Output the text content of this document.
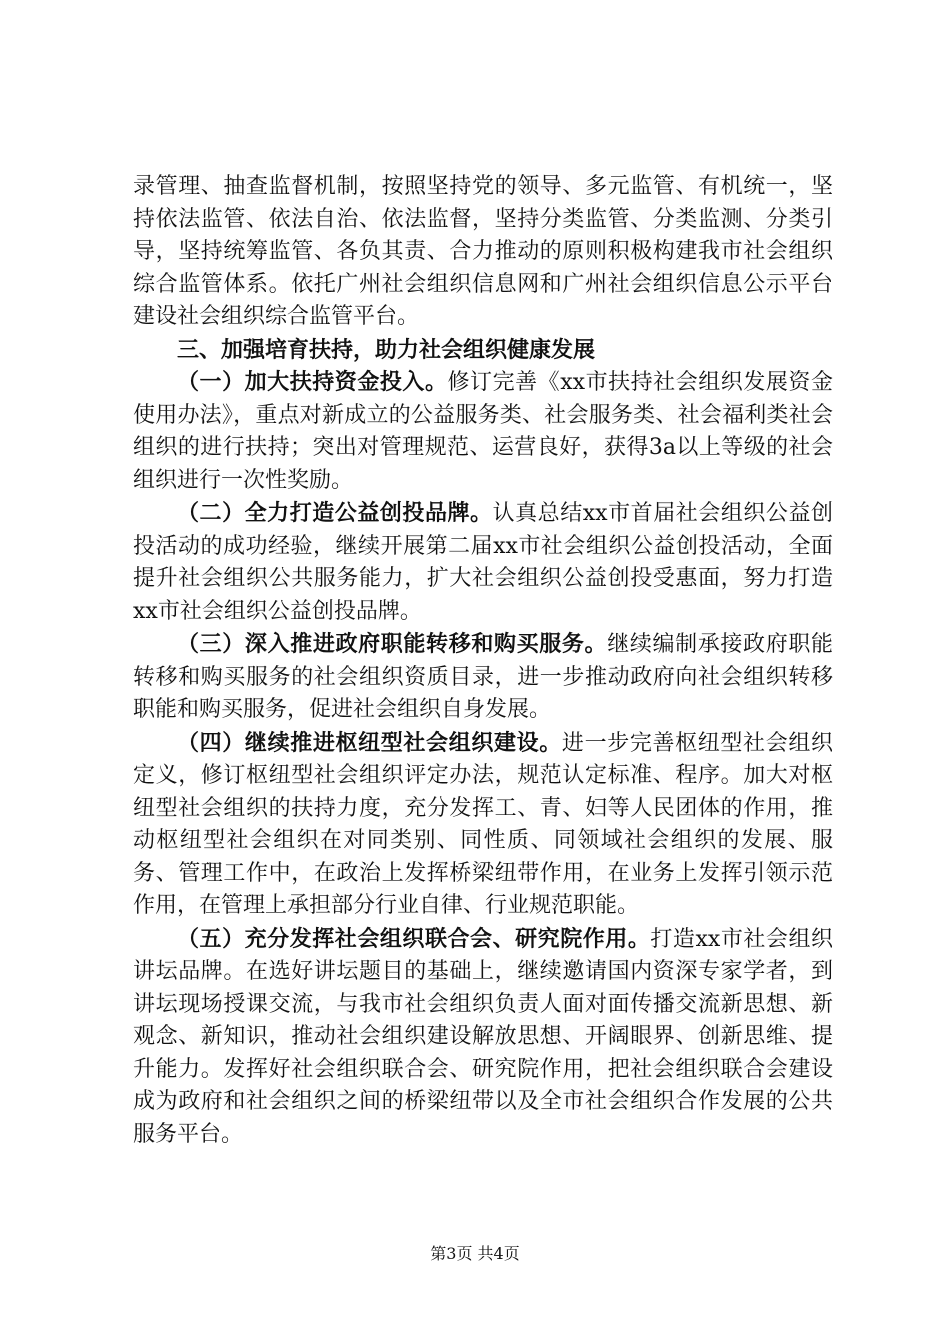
录管理、抽查监督机制，按照坚持党的领导、多元监管、有机统一，坚持依法监管、依法自治、依法监督，坚持分类监管、分类监测、分类引导，坚持统筹监管、各负其责、合力推动的原则积极构建我市社会组织综合监管体系。依托广州社会组织信息网和广州社会组织信息公示平台建设社会组织综合监管平台。

三、加强培育扶持，助力社会组织健康发展

（一）加大扶持资金投入。修订完善《xx市扶持社会组织发展资金使用办法》，重点对新成立的公益服务类、社会服务类、社会福利类社会组织的进行扶持；突出对管理规范、运营良好，获得3a以上等级的社会组织进行一次性奖励。

（二）全力打造公益创投品牌。认真总结xx市首届社会组织公益创投活动的成功经验，继续开展第二届xx市社会组织公益创投活动，全面提升社会组织公共服务能力，扩大社会组织公益创投受惠面，努力打造xx市社会组织公益创投品牌。

（三）深入推进政府职能转移和购买服务。继续编制承接政府职能转移和购买服务的社会组织资质目录，进一步推动政府向社会组织转移职能和购买服务，促进社会组织自身发展。

（四）继续推进枢纽型社会组织建设。进一步完善枢纽型社会组织定义，修订枢纽型社会组织评定办法，规范认定标准、程序。加大对枢纽型社会组织的扶持力度，充分发挥工、青、妇等人民团体的作用，推动枢纽型社会组织在对同类别、同性质、同领域社会组织的发展、服务、管理工作中，在政治上发挥桥梁纽带作用，在业务上发挥引领示范作用，在管理上承担部分行业自律、行业规范职能。

（五）充分发挥社会组织联合会、研究院作用。打造xx市社会组织讲坛品牌。在选好讲坛题目的基础上，继续邀请国内资深专家学者，到讲坛现场授课交流，与我市社会组织负责人面对面传播交流新思想、新观念、新知识，推动社会组织建设解放思想、开阔眼界、创新思维、提升能力。发挥好社会组织联合会、研究院作用，把社会组织联合会建设成为政府和社会组织之间的桥梁纽带以及全市社会组织合作发展的公共服务平台。

第3页 共4页
